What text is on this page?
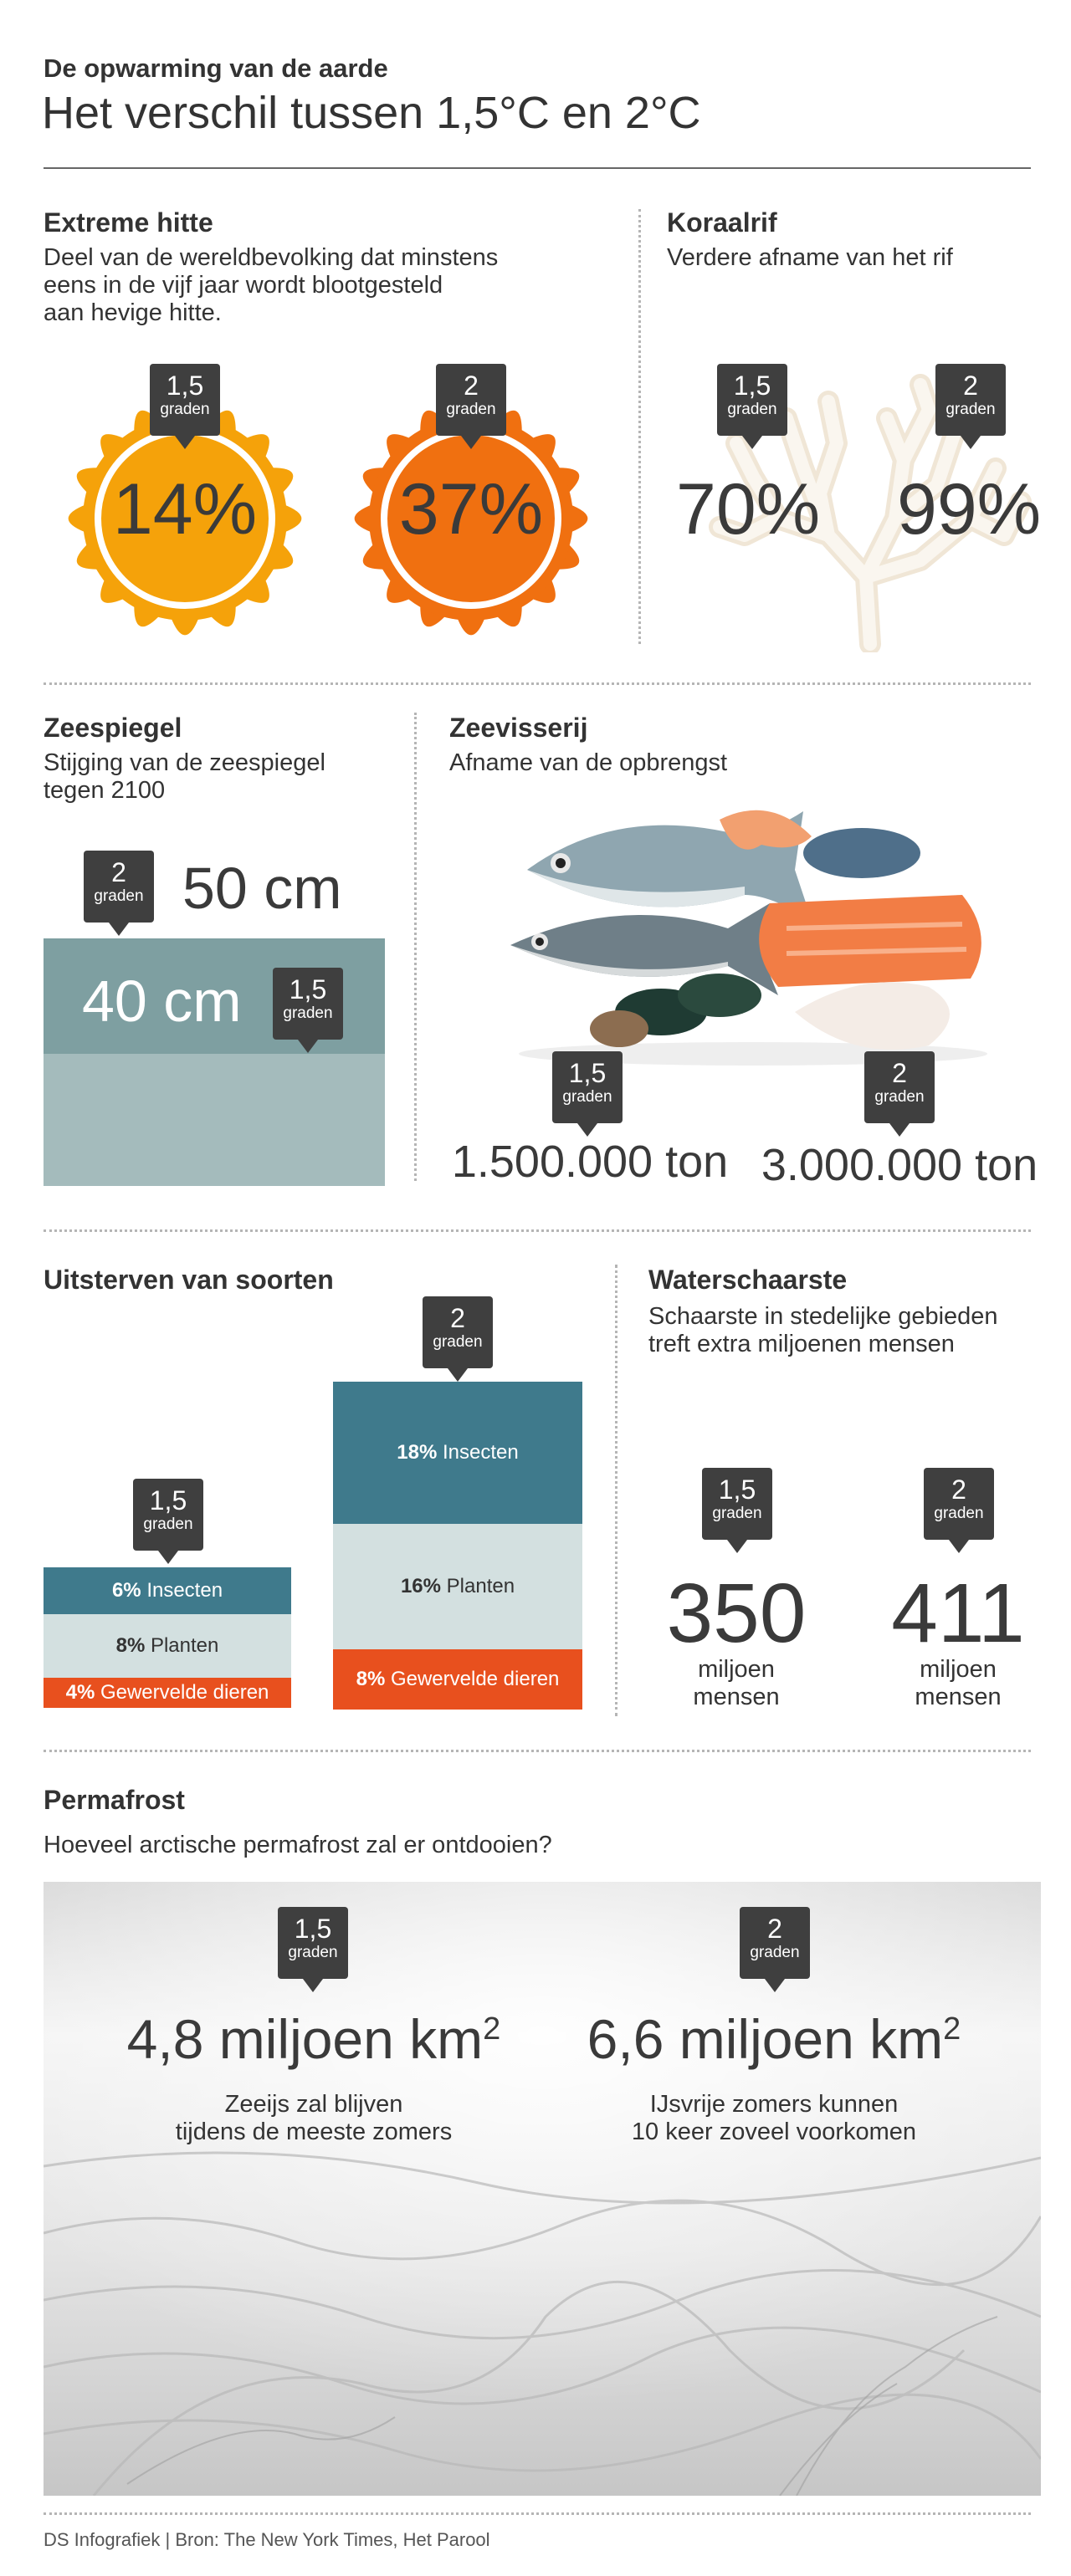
De opwarming van de aarde
Het verschil tussen 1,5°C en 2°C
Extreme hitte
Deel van de wereldbevolking dat minstens
eens in de vijf jaar wordt blootgesteld
aan hevige hitte.
14%
1,5
graden
37%
2
graden
Koraalrif
Verdere afname van het rif
70% 99%
1,5
graden
2
graden
Zeespiegel
Stijging van de zeespiegel
tegen 2100
50 cm
40 cm
2
graden
1,5
graden
Zeevisserij
Afname van de opbrengst
1,5
graden
2
graden
1.500.000 ton 3.000.000 ton
Uitsterven van soorten
6% Insecten
8% Planten
4% Gewervelde dieren
1,5
graden
18% Insecten
16% Planten
8% Gewervelde dieren
2
graden
Waterschaarste
Schaarste in stedelijke gebieden
treft extra miljoenen mensen
1,5
graden
2
graden
350 411
miljoen
mensen
miljoen
mensen
Permafrost
Hoeveel arctische permafrost zal er ontdooien?
1,5
graden
2
graden
4,8 miljoen $km^2$	6,6 miljoen $km^2$
Zeeijs zal blijven
tijdens de meeste zomers
IJsvrije zomers kunnen
10 keer zoveel voorkomen
DS Infografiek | Bron: The New York Times, Het Parool
